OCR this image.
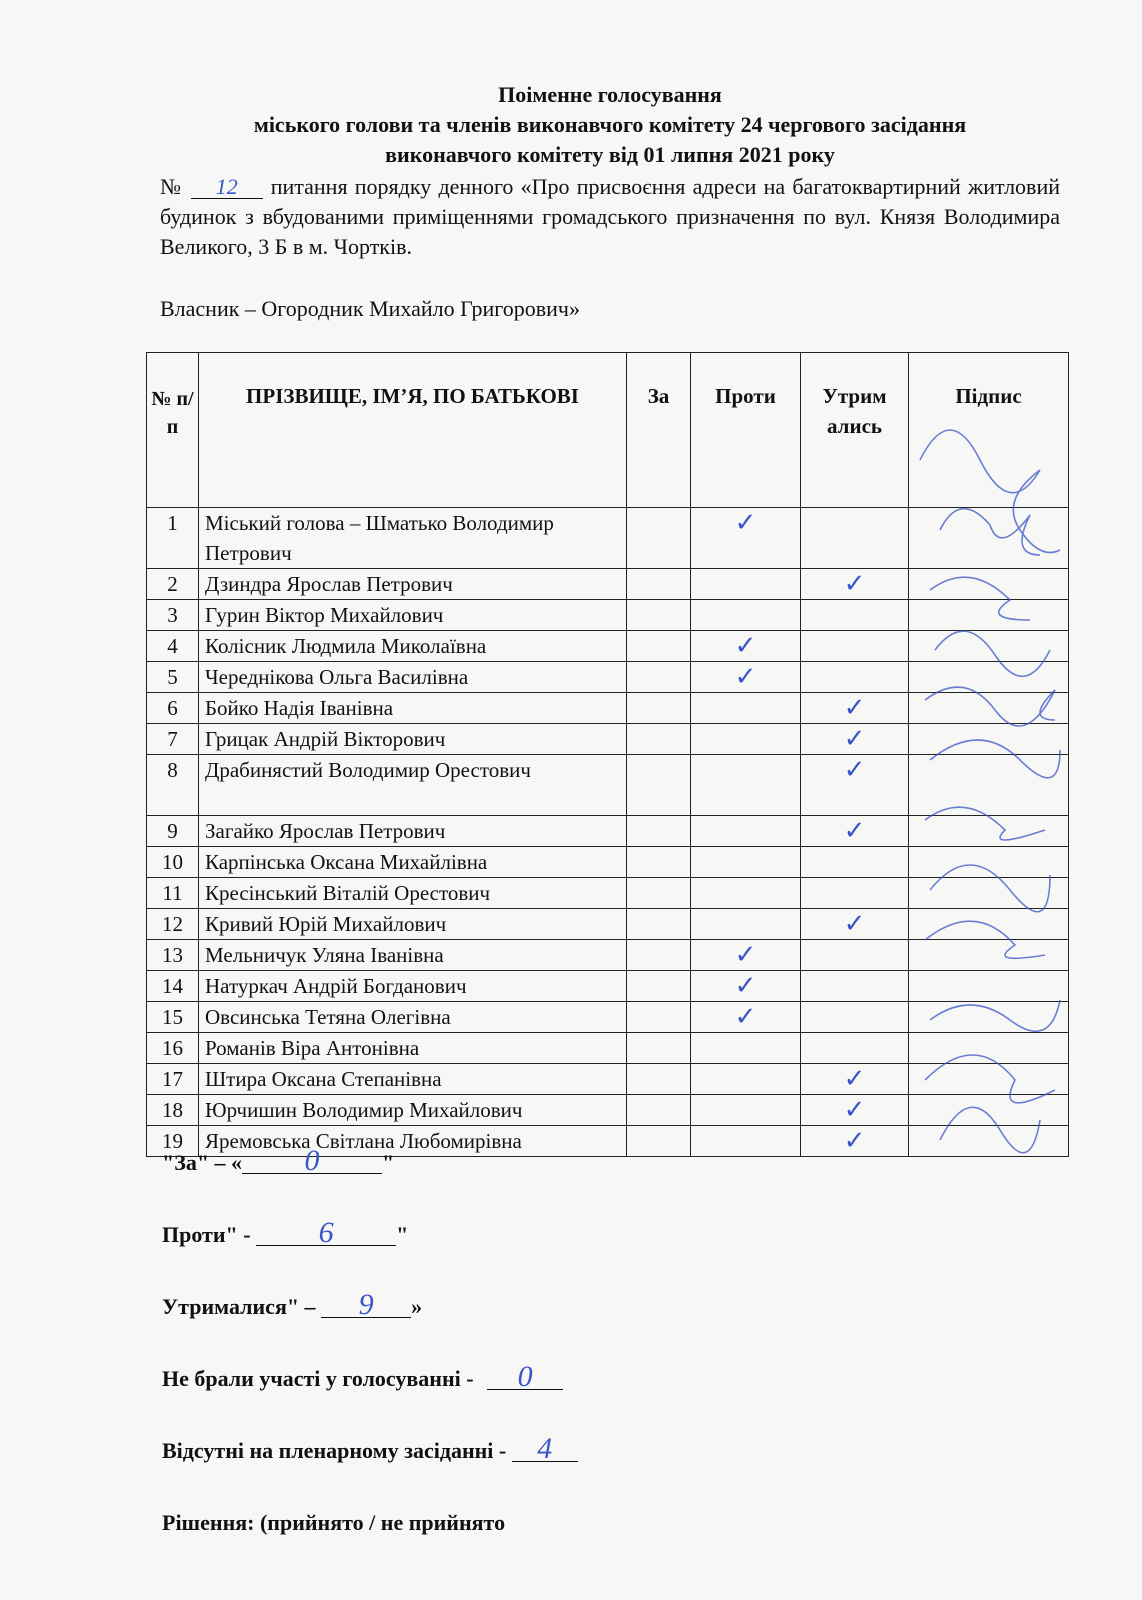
Поіменне голосування
міського голови та членів виконавчого комітету 24 чергового засідання
виконавчого комітету від 01 липня 2021 року
№ 12 питання порядку денного «Про присвоєння адреси на багатоквартирний житловий будинок з вбудованими приміщеннями громадського призначення по вул. Князя Володимира Великого, 3 Б в м. Чортків.
Власник – Огородник Михайло Григорович»
№ п/п	ПРІЗВИЩЕ, ІМ’Я, ПО БАТЬКОВІ	За	Проти	Утрим ались	Підпис
1	Міський голова – Шматько Володимир Петрович		✓		
2	Дзиндра Ярослав Петрович			✓	
3	Гурин Віктор Михайлович				
4	Колісник Людмила Миколаївна		✓		
5	Череднікова Ольга Василівна		✓		
6	Бойко Надія Іванівна			✓	
7	Грицак Андрій Вікторович			✓	
8	Драбинястий Володимир Орестович			✓	
9	Загайко Ярослав Петрович			✓	
10	Карпінська Оксана Михайлівна				
11	Кресінський Віталій Орестович				
12	Кривий Юрій Михайлович			✓	
13	Мельничук Уляна Іванівна		✓		
14	Натуркач Андрій Богданович		✓		
15	Овсинська Тетяна Олегівна		✓		
16	Романів Віра Антонівна				
17	Штира Оксана Степанівна			✓	
18	Юрчишин Володимир Михайлович			✓	
19	Яремовська Світлана Любомирівна			✓	
"За" – « 0	"
Проти" - 6	"
Утрималися" – 9 »
Не брали участі у голосуванні - 0
Відсутні на пленарному засіданні - 4
Рішення: (прийнято / не прийнято
